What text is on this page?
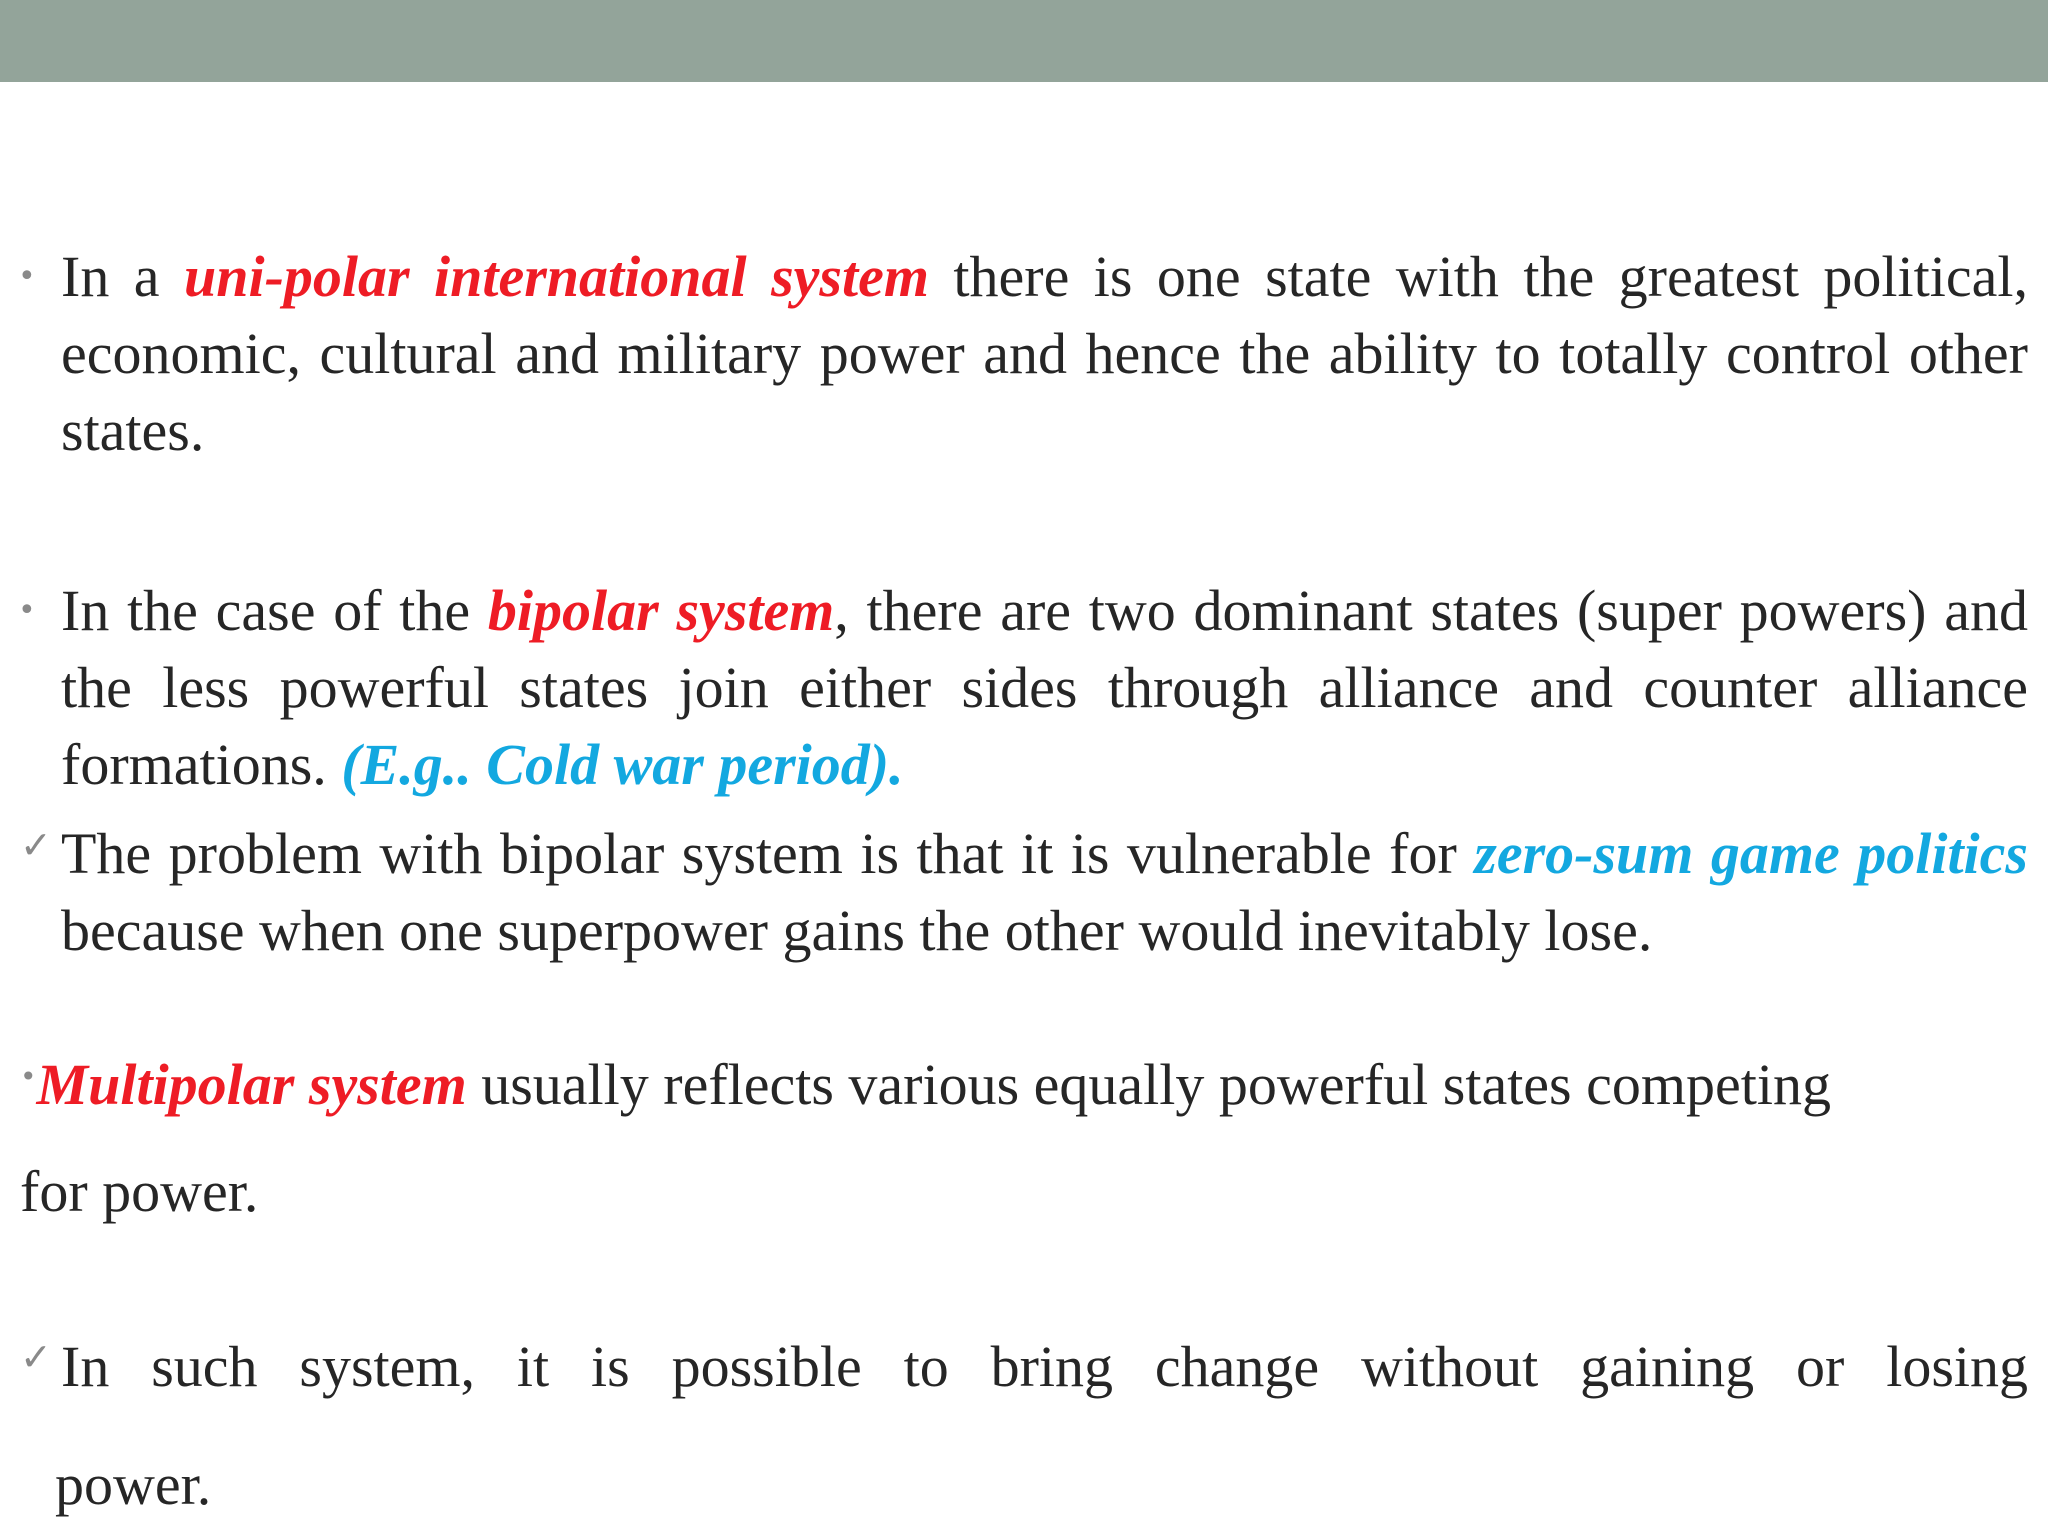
• In a uni-polar international system there is one state with the greatest political, economic, cultural and military power and hence the ability to totally control other states.
• In the case of the bipolar system, there are two dominant states (super powers) and the less powerful states join either sides through alliance and counter alliance formations. (E.g.. Cold war period).
✓ The problem with bipolar system is that it is vulnerable for zero-sum game politics because when one superpower gains the other would inevitably lose.
•Multipolar system usually reflects various equally powerful states competing
for power.
✓ In such system, it is possible to bring change without gaining or losing
power.
